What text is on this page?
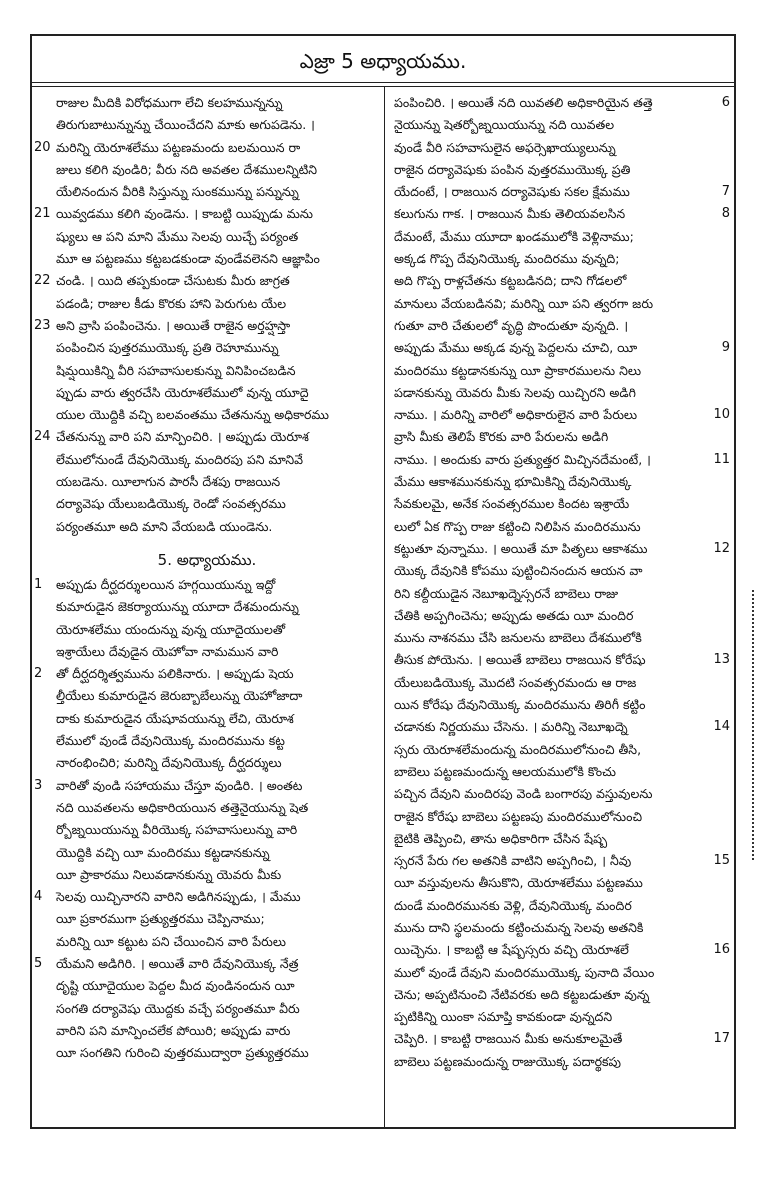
ఎజ్రా 5 అధ్యాయము.
రాజుల మీదికి విరోధముగా లేచి కలహమున్నన్ను
తిరుగుబాటున్నున్ను చేయించేదని మాకు అగుపడెను. ।
20 మరిన్ని యెరూశలేము పట్టణమందు బలమయిన రా
జులు కలిగి వుండిరి; వీరు నది అవతల దేశములన్నిటిని
యేలినందున వీరికి సిస్తున్ను సుంకమున్ను పన్నున్ను
21 యివ్వడము కలిగి వుండెను. । కాబట్టి యిప్పుడు మను
ష్యులు ఆ పని మాని మేము సెలవు యిచ్చే పర్యంత
మూ ఆ పట్టణము కట్టబడకుండా వుండేవలెనని ఆజ్ఞాపిం
22 చండి. । యిది తప్పకుండా చేసుటకు మీరు జాగ్రత
పడండి; రాజుల కీడు కొరకు హాని పెరుగుట యేల
23 అని వ్రాసి పంపించెను. । అయితే రాజైన అర్తహ్షస్తా
పంపించిన పుత్తరముయొక్క ప్రతి రెహూమున్ను
షిమ్షయికిన్ని వీరి సహవాసులకున్ను వినిపించబడిన
ప్పుడు వారు త్వరచేసి యెరూశలేములో వున్న యూదై
యుల యొద్దికి వచ్చి బలవంతము చేతనున్ను అధికారము
24 చేతనున్ను వారి పని మాన్పించిరి. । అప్పుడు యెరూశ
లేములోనుండే దేవునియొక్క మందిరపు పని మానివే
యబడెను. యీలాగున పారసీ దేశపు రాజయిన
దర్యావెషు యేలుబడియొక్క రెండో సంవత్సరము
పర్యంతమూ అది మాని వేయబడి యుండెను.
5. అధ్యాయము.
1 అప్పుడు దీర్ఘదర్శులయిన హగ్గయియున్ను ఇద్దో
కుమారుడైన జెకర్యాయున్ను యూదా దేశమందున్ను
యెరూశలేము యందున్ను వున్న యూదైయులతో
ఇశ్రాయేలు దేవుడైన యెహోవా నామమున వారి
2 తో దీర్ఘదర్శిత్వమును పలికినారు. । అప్పుడు షెయ
ల్తీయేలు కుమారుడైన జెరుబ్బాబేలున్ను యెహోజాదా
దాకు కుమారుడైన యేషూవయున్ను లేచి, యెరూశ
లేములో వుండే దేవునియొక్క మందిరమును కట్ట
నారంభించిరి; మరిన్ని దేవునియొక్క దీర్ఘదర్శులు
3 వారితో వుండి సహాయము చేస్తూ వుండిరి. । అంతట
నది యివతలను అధికారియయిన తత్తెనైయున్ను షెత
ర్బోజ్నయియున్ను వీరియొక్క సహవాసులున్ను వారి
యొద్దికి వచ్చి యీ మందిరము కట్టడానకున్ను
యీ ప్రాకారము నిలువడానకున్ను యెవరు మీకు
4 సెలవు యిచ్చినారని వారిని అడిగినప్పుడు, । మేము
యీ ప్రకారముగా ప్రత్యుత్తరము చెప్పినాము;
మరిన్ని యీ కట్టుట పని చేయించిన వారి పేరులు
5 యేమని అడిగిరి. । అయితే వారి దేవునియొక్క నేత్ర
దృష్టి యూదైయుల పెద్దల మీద వుండినందున యీ
సంగతి దర్యావెషు యొద్దకు వచ్చే పర్యంతమూ వీరు
వారిని పని మాన్పించలేక పోయిరి; అప్పుడు వారు
యీ సంగతిని గురించి వుత్తరముద్వారా ప్రత్యుత్తరము
6
పంపించిరి. । అయితే నది యివతలి అధికారియైన తత్తె
నైయున్ను షెతర్బోజ్నయియున్ను నది యివతల
వుండే వీరి సహవాసులైన అఫర్సెఖాయ్యులున్ను
రాజైన దర్యావెషుకు పంపిన వుత్తరముయొక్క ప్రతి
7
యేదంటే, । రాజయిన దర్యావెషుకు సకల క్షేమము
8
కలుగును గాక. । రాజయిన మీకు తెలియవలసిన
దేమంటే, మేము యూదా ఖండములోకి వెళ్లినాము;
అక్కడ గొప్ప దేవునియొక్క మందిరము వున్నది;
అది గొప్ప రాళ్లచేతను కట్టబడినది; దాని గోడలలో
మానులు వేయబడినవి; మరిన్ని యీ పని త్వరగా జరు
గుతూ వారి చేతులలో వృద్ధి పొందుతూ వున్నది. ।
9
అప్పుడు మేము అక్కడ వున్న పెద్దలను చూచి, యీ
మందిరము కట్టడానకున్ను యీ ప్రాకారములను నిలు
పడానకున్ను యెవరు మీకు సెలవు యిచ్చిరని అడిగి
10
నాము. । మరిన్ని వారిలో అధికారులైన వారి పేరులు
వ్రాసి మీకు తెలిపే కొరకు వారి పేరులను అడిగి
11
నాము. । అందుకు వారు ప్రత్యుత్తర మిచ్చినదేమంటే, ।
మేము ఆకాశమునకున్ను భూమికిన్ని దేవునియొక్క
సేవకులమై, అనేక సంవత్సరముల కిందట ఇశ్రాయే
లులో ఏక గొప్ప రాజు కట్టించి నిలిపిన మందిరమును
12
కట్టుతూ వున్నాము. । అయితే మా పితృలు ఆకాశము
యొక్క దేవునికి కోపము పుట్టించినందున ఆయన వా
రిని కల్దీయుడైన నెబూఖద్నెస్సరనే బాబెలు రాజు
చేతికి అప్పగించెను; అప్పుడు అతడు యీ మందిర
మును నాశనము చేసి జనులను బాబెలు దేశములోకి
13
తీసుక పోయెను. । అయితే బాబెలు రాజయిన కోరేషు
యేలుబడియొక్క మొదటి సంవత్సరమందు ఆ రాజ
యిన కోరేషు దేవునియొక్క మందిరమును తిరిగీ కట్టిం
14
చడానకు నిర్ణయము చేసెను. । మరిన్ని నెబూఖద్నె
స్సరు యెరూశలేమందున్న మందిరములోనుంచి తీసి,
బాబెలు పట్టణమందున్న ఆలయములోకి కొంచు
పచ్చిన దేవుని మందిరపు వెండి బంగారపు వస్తువులను
రాజైన కోరేషు బాబెలు పట్టణపు మందిరములోనుంచి
బైటికి తెప్పించి, తాను అధికారిగా చేసిన షేష్బ
15
స్సరనే పేరు గల అతనికి వాటిని అప్పగించి, । నీవు
యీ వస్తువులను తీసుకొని, యెరూశలేము పట్టణము
దుండే మందిరమునకు వెళ్లి, దేవునియొక్క మందిర
మును దాని స్థలమందు కట్టించుమన్న సెలవు అతనికి
16
యిచ్చెను. । కాబట్టి ఆ షేష్బస్సరు వచ్చి యెరూశలే
ములో వుండే దేవుని మందిరముయొక్క పునాది వేయిం
చెను; అప్పటినుంచి నేటివరకు అది కట్టబడుతూ వున్న
ప్పటికిన్ని యింకా సమాప్తి కావకుండా వున్నదని
17
చెప్పిరి. । కాబట్టి రాజయిన మీకు అనుకూలమైతే
బాబెలు పట్టణమందున్న రాజుయొక్క పదార్థకపు
